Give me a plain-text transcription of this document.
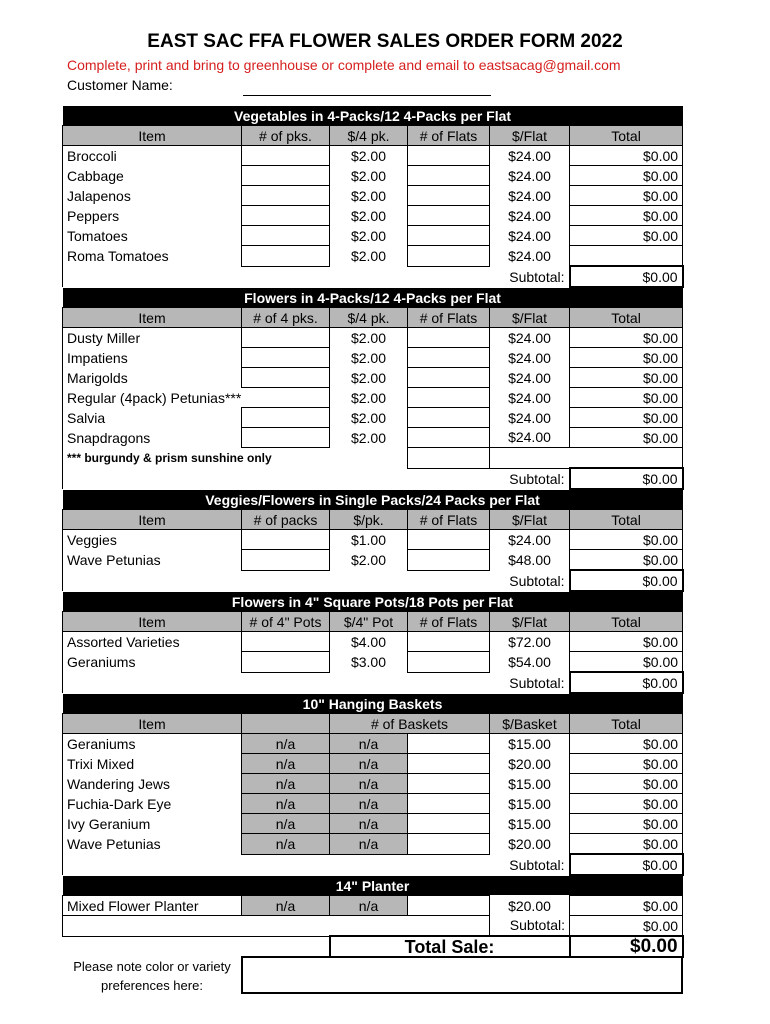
EAST SAC FFA FLOWER SALES ORDER FORM 2022
Complete, print and bring to greenhouse or complete and email to eastsacag@gmail.com
Customer Name:
Vegetables in 4-Packs/12 4-Packs per Flat					
Item	# of pks.	$/4 pk.	# of Flats	$/Flat	Total
Broccoli		$2.00		$24.00	$0.00
Cabbage		$2.00		$24.00	$0.00
Jalapenos		$2.00		$24.00	$0.00
Peppers		$2.00		$24.00	$0.00
Tomatoes		$2.00		$24.00	$0.00
Roma Tomatoes		$2.00		$24.00	
				Subtotal:	$0.00
Flowers in 4-Packs/12 4-Packs per Flat					
Item	# of 4 pks.	$/4 pk.	# of Flats	$/Flat	Total
Dusty Miller		$2.00		$24.00	$0.00
Impatiens		$2.00		$24.00	$0.00
Marigolds		$2.00		$24.00	$0.00
Regular (4pack) Petunias***		$2.00		$24.00	$0.00
Salvia		$2.00		$24.00	$0.00
Snapdragons		$2.00		$24.00	$0.00
*** burgundy & prism sunshine only					
				Subtotal:	$0.00
Veggies/Flowers in Single Packs/24 Packs per Flat					
Item	# of packs	$/pk.	# of Flats	$/Flat	Total
Veggies		$1.00		$24.00	$0.00
Wave Petunias		$2.00		$48.00	$0.00
				Subtotal:	$0.00
Flowers in 4" Square Pots/18 Pots per Flat					
Item	# of 4" Pots	$/4" Pot	# of Flats	$/Flat	Total
Assorted Varieties		$4.00		$72.00	$0.00
Geraniums		$3.00		$54.00	$0.00
				Subtotal:	$0.00
10" Hanging Baskets					
Item		# of Baskets		$/Basket	Total
Geraniums	n/a	n/a		$15.00	$0.00
Trixi Mixed	n/a	n/a		$20.00	$0.00
Wandering Jews	n/a	n/a		$15.00	$0.00
Fuchia-Dark Eye	n/a	n/a		$15.00	$0.00
Ivy Geranium	n/a	n/a		$15.00	$0.00
Wave Petunias	n/a	n/a		$20.00	$0.00
				Subtotal:	$0.00
14" Planter					
Mixed Flower Planter	n/a	n/a		$20.00	$0.00
				Subtotal:	$0.00
		Total Sale:			$0.00
Please note color or variety
preferences here:
